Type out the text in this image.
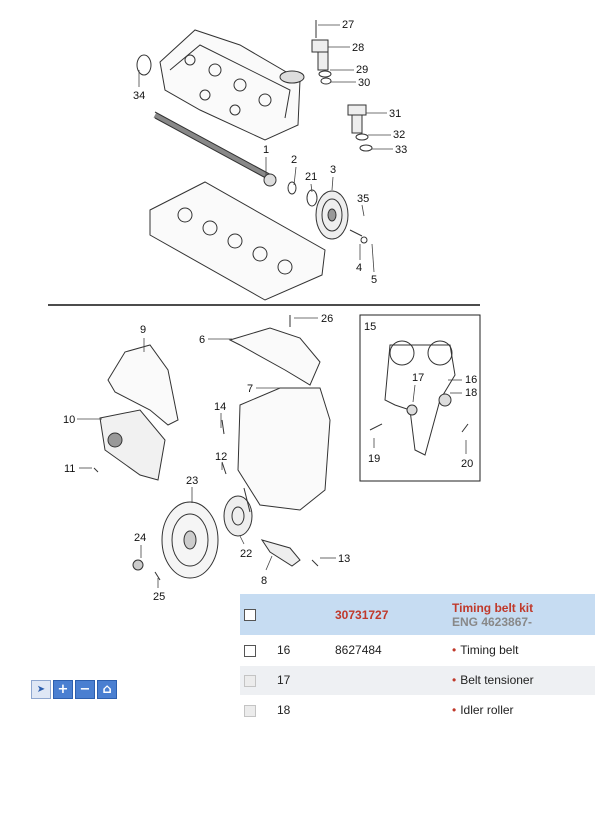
27
28
29
30
34
31
32
33
1
2
21
3
35
4
5
26
6
9
7
15
17	16
18
10
14
12
11
19	20
23
22
24
13
8
25
➤ + − ⌂
		30731727	Timing belt kit
ENG 4623867-

	16	8627484	• Timing belt
	17		• Belt tensioner
	18		• Idler roller
